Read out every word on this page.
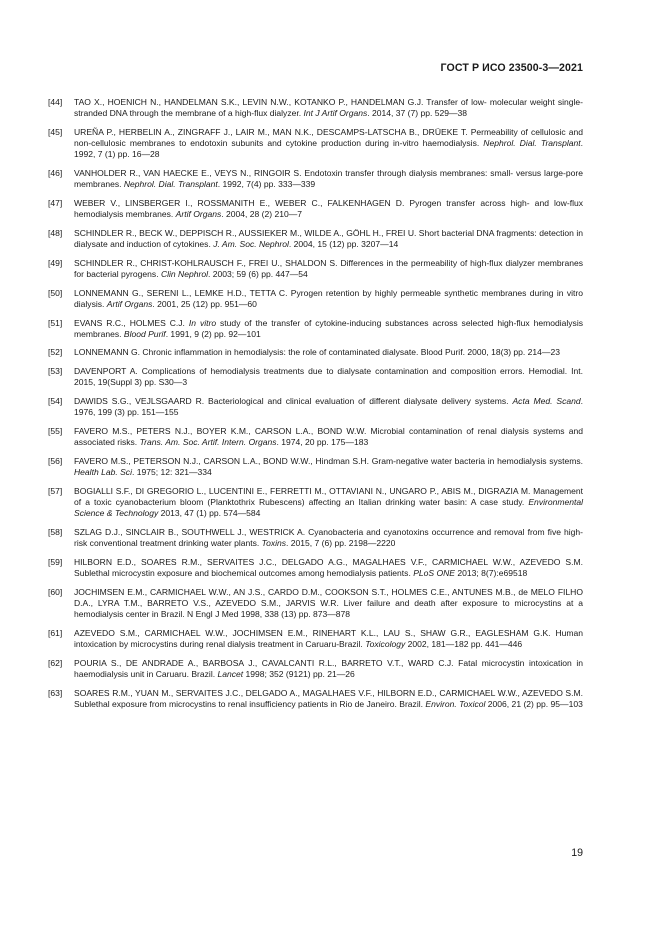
ГОСТ Р ИСО 23500-3—2021
[44]	TAO X., HOENICH N., HANDELMAN S.K., LEVIN N.W., KOTANKO P., HANDELMAN G.J. Transfer of low- molecular weight single-stranded DNA through the membrane of a high-flux dialyzer. Int J Artif Organs. 2014, 37 (7) pp. 529—38
[45]	UREÑA P., HERBELIN A., ZINGRAFF J., LAIR M., MAN N.K., DESCAMPS-LATSCHA B., DRÜEKE T. Permeability of cellulosic and non-cellulosic membranes to endotoxin subunits and cytokine production during in-vitro haemodialysis. Nephrol. Dial. Transplant. 1992, 7 (1) pp. 16—28
[46]	VANHOLDER R., VAN HAECKE E., VEYS N., RINGOIR S. Endotoxin transfer through dialysis membranes: small- versus large-pore membranes. Nephrol. Dial. Transplant. 1992, 7(4) pp. 333—339
[47]	WEBER V., LINSBERGER I., ROSSMANITH E., WEBER C., FALKENHAGEN D. Pyrogen transfer across high- and low-flux hemodialysis membranes. Artif Organs. 2004, 28 (2) 210—7
[48]	SCHINDLER R., BECK W., DEPPISCH R., AUSSIEKER M., WILDE A., GÖHL H., FREI U. Short bacterial DNA fragments: detection in dialysate and induction of cytokines. J. Am. Soc. Nephrol. 2004, 15 (12) pp. 3207—14
[49]	SCHINDLER R., CHRIST-KOHLRAUSCH F., FREI U., SHALDON S. Differences in the permeability of high-flux dialyzer membranes for bacterial pyrogens. Clin Nephrol. 2003; 59 (6) pp. 447—54
[50]	LONNEMANN G., SERENI L., LEMKE H.D., TETTA C. Pyrogen retention by highly permeable synthetic membranes during in vitro dialysis. Artif Organs. 2001, 25 (12) pp. 951—60
[51]	EVANS R.C., HOLMES C.J. In vitro study of the transfer of cytokine-inducing substances across selected high-flux hemodialysis membranes. Blood Purif. 1991, 9 (2) pp. 92—101
[52]	LONNEMANN G. Chronic inflammation in hemodialysis: the role of contaminated dialysate. Blood Purif. 2000, 18(3) pp. 214—23
[53]	DAVENPORT A. Complications of hemodialysis treatments due to dialysate contamination and composition errors. Hemodial. Int. 2015, 19(Suppl 3) pp. S30—3
[54]	DAWIDS S.G., VEJLSGAARD R. Bacteriological and clinical evaluation of different dialysate delivery systems. Acta Med. Scand. 1976, 199 (3) pp. 151—155
[55]	FAVERO M.S., PETERS N.J., BOYER K.M., CARSON L.A., BOND W.W. Microbial contamination of renal dialysis systems and associated risks. Trans. Am. Soc. Artif. Intern. Organs. 1974, 20 pp. 175—183
[56]	FAVERO M.S., PETERSON N.J., CARSON L.A., BOND W.W., Hindman S.H. Gram-negative water bacteria in hemodialysis systems. Health Lab. Sci. 1975; 12: 321—334
[57]	BOGIALLI S.F., DI GREGORIO L., LUCENTINI E., FERRETTI M., OTTAVIANI N., UNGARO P., ABIS M., DIGRAZIA M. Management of a toxic cyanobacterium bloom (Planktothrix Rubescens) affecting an Italian drinking water basin: A case study. Environmental Science & Technology 2013, 47 (1) pp. 574—584
[58]	SZLAG D.J., SINCLAIR B., SOUTHWELL J., WESTRICK A. Cyanobacteria and cyanotoxins occurrence and removal from five high-risk conventional treatment drinking water plants. Toxins. 2015, 7 (6) pp. 2198—2220
[59]	HILBORN E.D., SOARES R.M., SERVAITES J.C., DELGADO A.G., MAGALHAES V.F., CARMICHAEL W.W., AZEVEDO S.M. Sublethal microcystin exposure and biochemical outcomes among hemodialysis patients. PLoS ONE 2013; 8(7):e69518
[60]	JOCHIMSEN E.M., CARMICHAEL W.W., AN J.S., CARDO D.M., COOKSON S.T., HOLMES C.E., ANTUNES M.B., de MELO FILHO D.A., LYRA T.M., BARRETO V.S., AZEVEDO S.M., JARVIS W.R. Liver failure and death after exposure to microcystins at a hemodialysis center in Brazil. N Engl J Med 1998, 338 (13) pp. 873—878
[61]	AZEVEDO S.M., CARMICHAEL W.W., JOCHIMSEN E.M., RINEHART K.L., LAU S., SHAW G.R., EAGLESHAM G.K. Human intoxication by microcystins during renal dialysis treatment in Caruaru-Brazil. Toxicology 2002, 181—182 pp. 441—446
[62]	POURIA S., DE ANDRADE A., BARBOSA J., CAVALCANTI R.L., BARRETO V.T., WARD C.J. Fatal microcystin intoxication in haemodialysis unit in Caruaru. Brazil. Lancet 1998; 352 (9121) pp. 21—26
[63]	SOARES R.M., YUAN M., SERVAITES J.C., DELGADO A., MAGALHAES V.F., HILBORN E.D., CARMICHAEL W.W., AZEVEDO S.M. Sublethal exposure from microcystins to renal insufficiency patients in Rio de Janeiro. Brazil. Environ. Toxicol 2006, 21 (2) pp. 95—103
19
